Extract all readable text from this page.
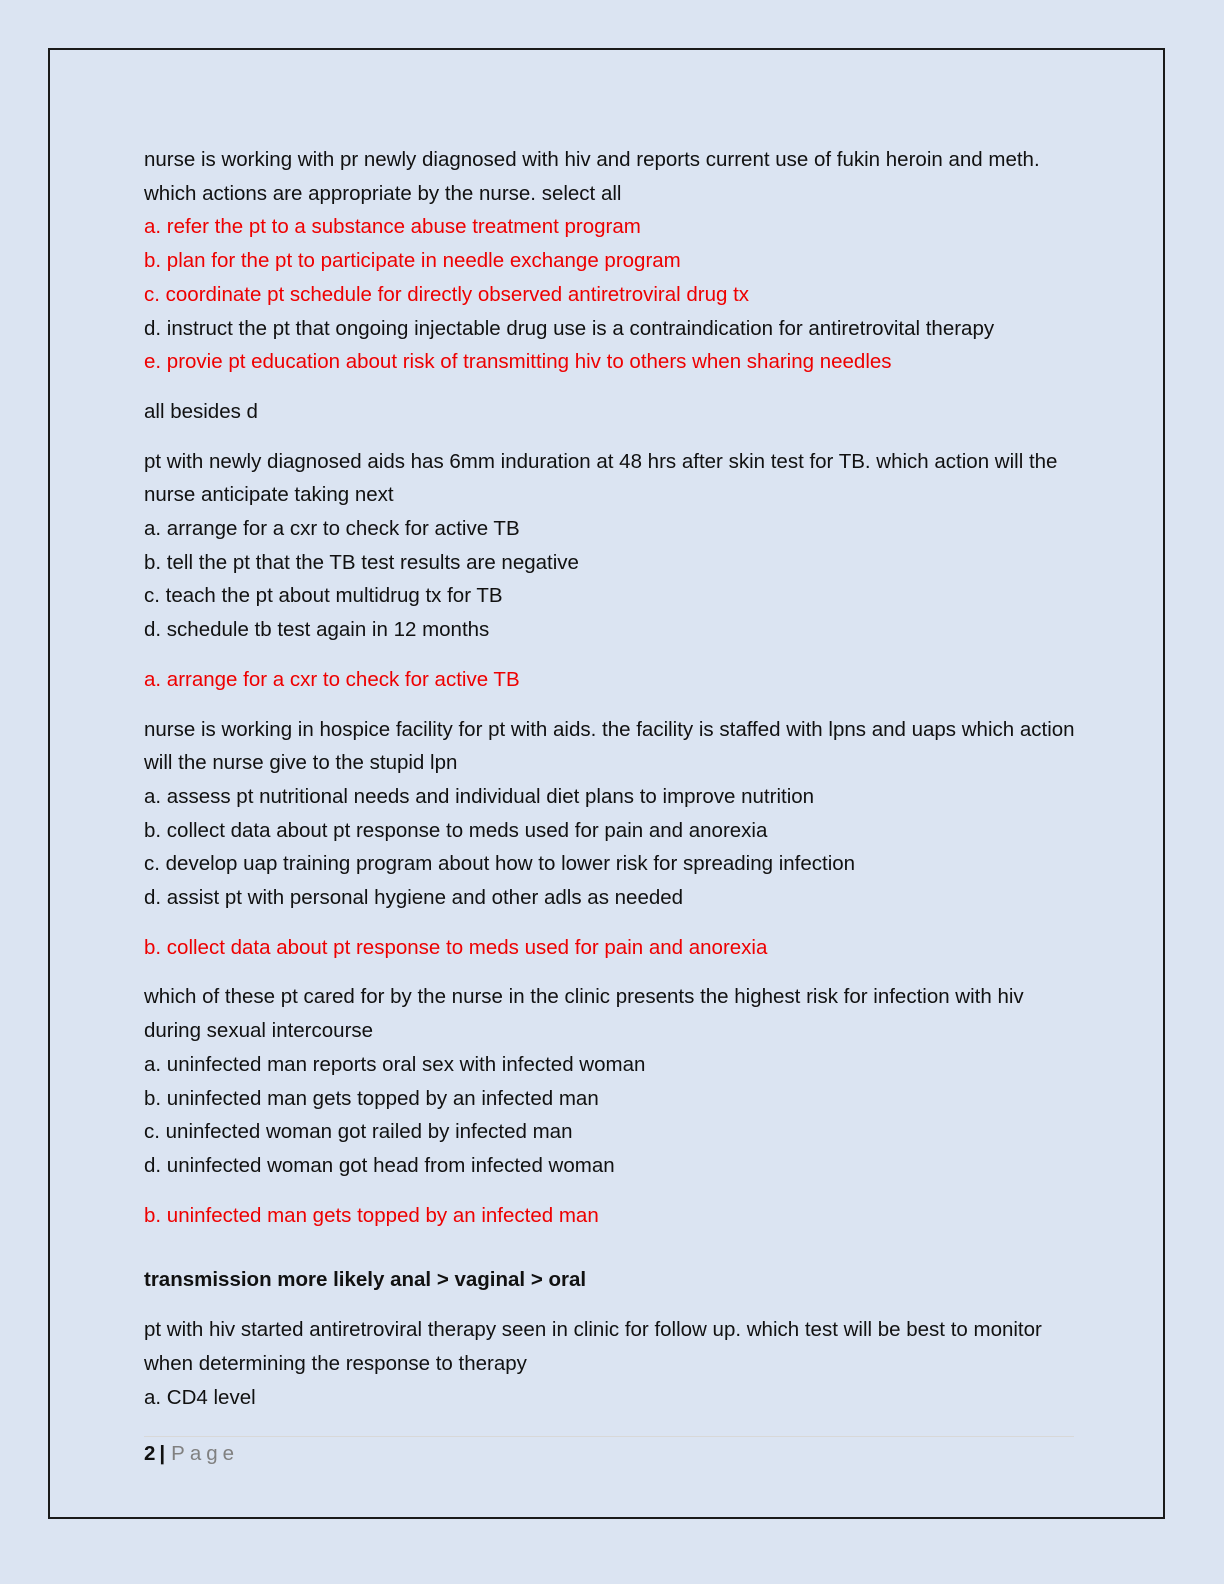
nurse is working with pr newly diagnosed with hiv and reports current use of fukin heroin and meth. which actions are appropriate by the nurse. select all

a. refer the pt to a substance abuse treatment program

b. plan for the pt to participate in needle exchange program

c. coordinate pt schedule for directly observed antiretroviral drug tx

d. instruct the pt that ongoing injectable drug use is a contraindication for antiretrovital therapy

e. provie pt education about risk of transmitting hiv to others when sharing needles

all besides d

pt with newly diagnosed aids has 6mm induration at 48 hrs after skin test for TB. which action will the nurse anticipate taking next

a. arrange for a cxr to check for active TB

b. tell the pt that the TB test results are negative

c. teach the pt about multidrug tx for TB

d. schedule tb test again in 12 months

a. arrange for a cxr to check for active TB

nurse is working in hospice facility for pt with aids. the facility is staffed with lpns and uaps which action will the nurse give to the stupid lpn

a. assess pt nutritional needs and individual diet plans to improve nutrition

b. collect data about pt response to meds used for pain and anorexia

c. develop uap training program about how to lower risk for spreading infection

d. assist pt with personal hygiene and other adls as needed

b. collect data about pt response to meds used for pain and anorexia

which of these pt cared for by the nurse in the clinic presents the highest risk for infection with hiv during sexual intercourse

a. uninfected man reports oral sex with infected woman

b. uninfected man gets topped by an infected man

c. uninfected woman got railed by infected man

d. uninfected woman got head from infected woman

b. uninfected man gets topped by an infected man

transmission more likely anal > vaginal > oral

pt with hiv started antiretroviral therapy seen in clinic for follow up. which test will be best to monitor when determining the response to therapy

a. CD4 level

2 | Page
